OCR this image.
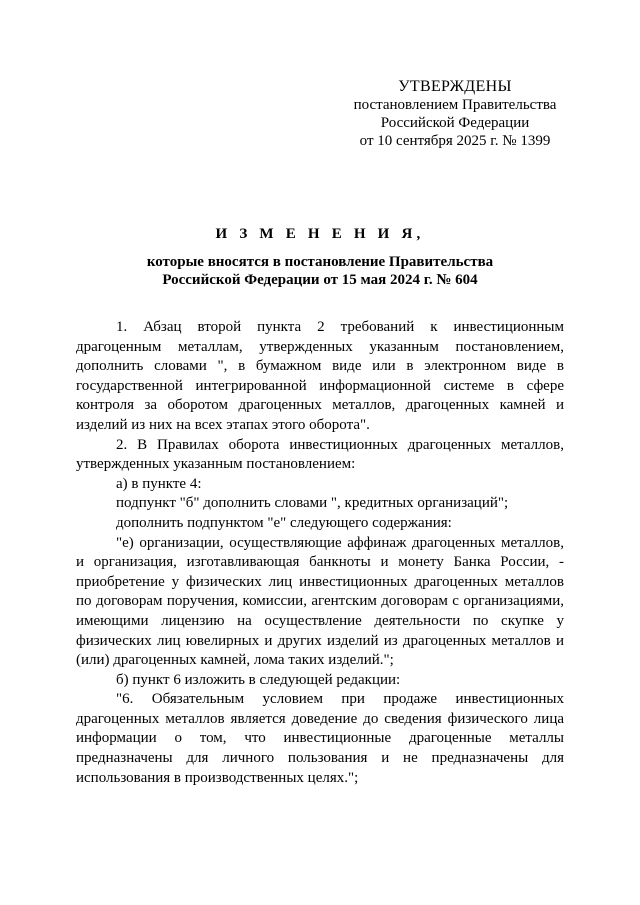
УТВЕРЖДЕНЫ
постановлением Правительства
Российской Федерации
от 10 сентября 2025 г. № 1399
И З М Е Н Е Н И Я,
которые вносятся в постановление Правительства
Российской Федерации от 15 мая 2024 г. № 604

1. Абзац второй пункта 2 требований к инвестиционным драгоценным металлам, утвержденных указанным постановлением, дополнить словами ", в бумажном виде или в электронном виде в государственной интегрированной информационной системе в сфере контроля за оборотом драгоценных металлов, драгоценных камней и изделий из них на всех этапах этого оборота".

2. В Правилах оборота инвестиционных драгоценных металлов, утвержденных указанным постановлением:

а) в пункте 4:

подпункт "б" дополнить словами ", кредитных организаций";

дополнить подпунктом "е" следующего содержания:

"е) организации, осуществляющие аффинаж драгоценных металлов, и организация, изготавливающая банкноты и монету Банка России, - приобретение у физических лиц инвестиционных драгоценных металлов по договорам поручения, комиссии, агентским договорам с организациями, имеющими лицензию на осуществление деятельности по скупке у физических лиц ювелирных и других изделий из драгоценных металлов и (или) драгоценных камней, лома таких изделий.";

б) пункт 6 изложить в следующей редакции:

"6. Обязательным условием при продаже инвестиционных драгоценных металлов является доведение до сведения физического лица информации о том, что инвестиционные драгоценные металлы предназначены для личного пользования и не предназначены для использования в производственных целях.";
